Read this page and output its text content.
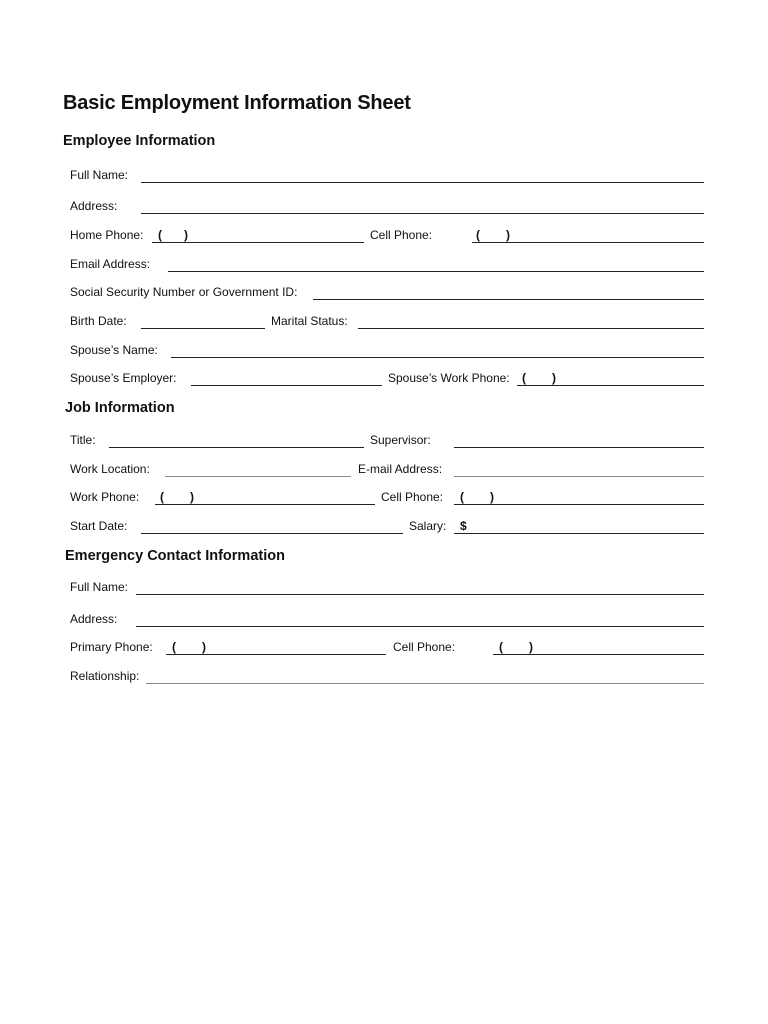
Basic Employment Information Sheet
Employee Information
Full Name:
Address:
Home Phone: ( )	Cell Phone:	( )
Email Address:
Social Security Number or Government ID:
Birth Date:	Marital Status:
Spouse’s Name:
Spouse’s Employer:	Spouse’s Work Phone: ( )
Job Information
Title:	Supervisor:
Work Location:	E-mail Address:
Work Phone: ( )	Cell Phone: ( )
Start Date:	Salary: $
Emergency Contact Information
Full Name:
Address:
Primary Phone: ( )	Cell Phone:	( )
Relationship:
